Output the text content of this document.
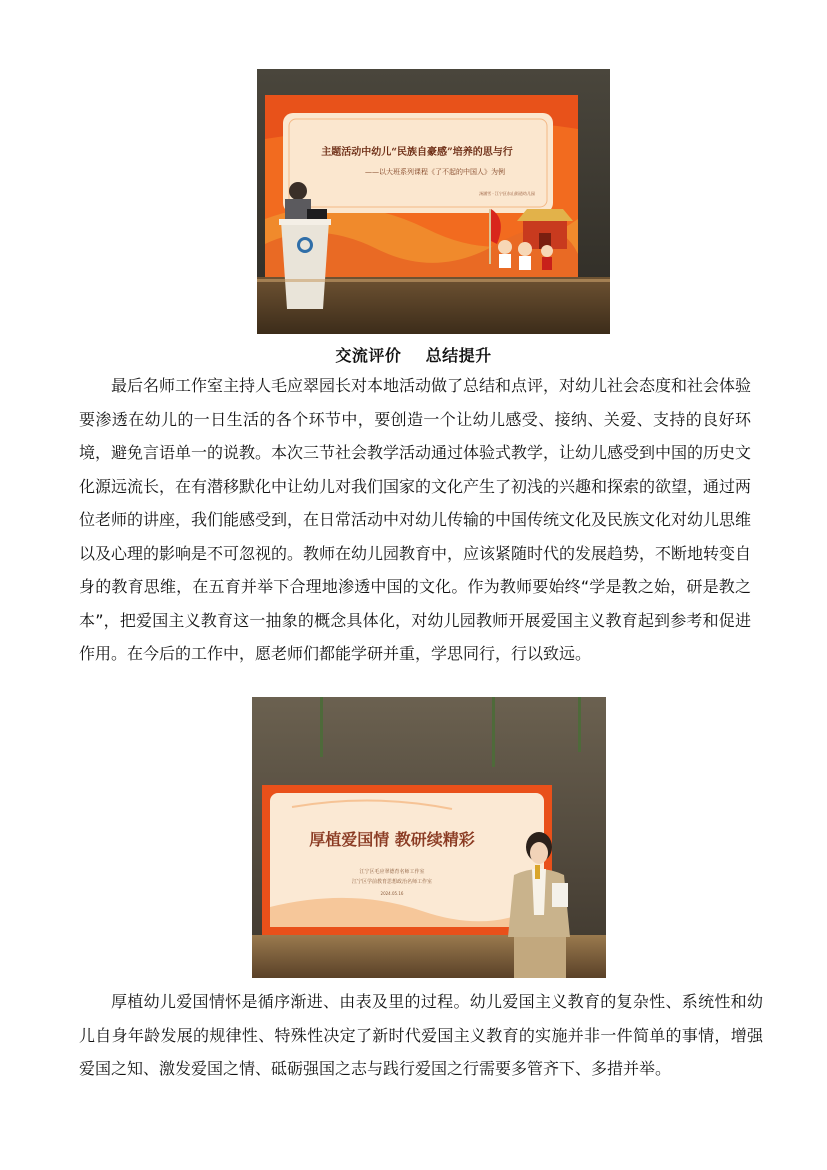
主题活动中幼儿“民族自豪感”培养的思与行
——以大班系列课程《了不起的中国人》为例
汤涵雪 · 江宁区东山街道幼儿园
交流评价    总结提升

最后名师工作室主持人毛应翠园长对本地活动做了总结和点评，对幼儿社会态度和社会体验要渗透在幼儿的一日生活的各个环节中，要创造一个让幼儿感受、接纳、关爱、支持的良好环境，避免言语单一的说教。本次三节社会教学活动通过体验式教学，让幼儿感受到中国的历史文化源远流长，在有潜移默化中让幼儿对我们国家的文化产生了初浅的兴趣和探索的欲望，通过两位老师的讲座，我们能感受到，在日常活动中对幼儿传输的中国传统文化及民族文化对幼儿思维以及心理的影响是不可忽视的。教师在幼儿园教育中，应该紧随时代的发展趋势，不断地转变自身的教育思维，在五育并举下合理地渗透中国的文化。作为教师要始终“学是教之始，研是教之本”，把爱国主义教育这一抽象的概念具体化，对幼儿园教师开展爱国主义教育起到参考和促进作用。在今后的工作中，愿老师们都能学研并重，学思同行，行以致远。

厚植爱国情 教研续精彩
江宁区毛应翠德育名师工作室
江宁区学前教育思想政治名师工作室
2024.05.16

厚植幼儿爱国情怀是循序渐进、由表及里的过程。幼儿爱国主义教育的复杂性、系统性和幼儿自身年龄发展的规律性、特殊性决定了新时代爱国主义教育的实施并非一件简单的事情，增强爱国之知、激发爱国之情、砥砺强国之志与践行爱国之行需要多管齐下、多措并举。
